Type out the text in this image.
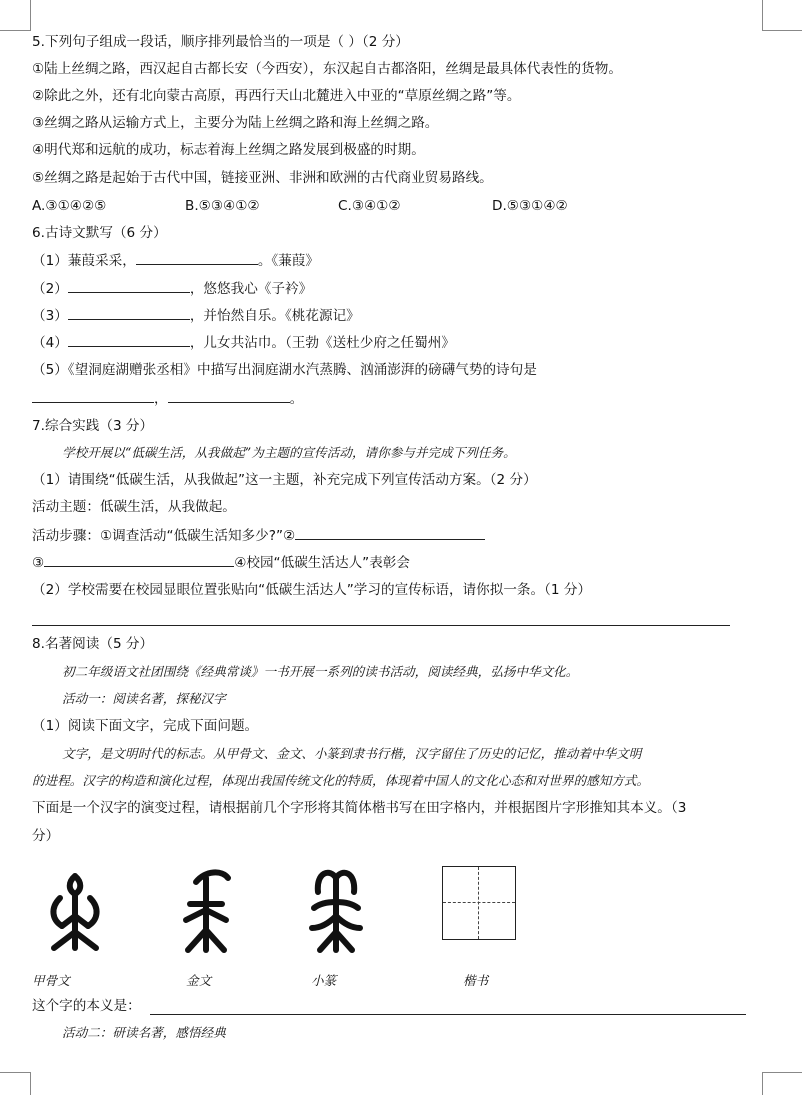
5.下列句子组成一段话，顺序排列最恰当的一项是（ ）（2 分）
①陆上丝绸之路，西汉起自古都长安（今西安），东汉起自古都洛阳，丝绸是最具体代表性的货物。
②除此之外，还有北向蒙古高原，再西行天山北麓进入中亚的“草原丝绸之路”等。
③丝绸之路从运输方式上，主要分为陆上丝绸之路和海上丝绸之路。
④明代郑和远航的成功，标志着海上丝绸之路发展到极盛的时期。
⑤丝绸之路是起始于古代中国，链接亚洲、非洲和欧洲的古代商业贸易路线。
A.③①④②⑤	B.⑤③④①②	C.③④①②	D.⑤③①④②
6.古诗文默写（6 分）
（1）蒹葭采采，	。《蒹葭》
（2）	，悠悠我心《子衿》
（3）	，并怡然自乐。《桃花源记》
（4）	，儿女共沾巾。（王勃《送杜少府之任蜀州》
（5）《望洞庭湖赠张丞相》中描写出洞庭湖水汽蒸腾、汹涌澎湃的磅礴气势的诗句是
，	。
7.综合实践（3 分）
学校开展以“低碳生活，从我做起”为主题的宣传活动，请你参与并完成下列任务。
（1）请围绕“低碳生活，从我做起”这一主题，补充完成下列宣传活动方案。（2 分）
活动主题：低碳生活，从我做起。
活动步骤：①调查活动“低碳生活知多少?”②
③	④校园“低碳生活达人”表彰会
（2）学校需要在校园显眼位置张贴向“低碳生活达人”学习的宣传标语，请你拟一条。（1 分）
8.名著阅读（5 分）
初二年级语文社团围绕《经典常谈》一书开展一系列的读书活动，阅读经典，弘扬中华文化。
活动一：阅读名著，探秘汉字
（1）阅读下面文字，完成下面问题。
文字，是文明时代的标志。从甲骨文、金文、小篆到隶书行楷，汉字留住了历史的记忆，推动着中华文明
的进程。汉字的构造和演化过程，体现出我国传统文化的特质，体现着中国人的文化心态和对世界的感知方式。
下面是一个汉字的演变过程，请根据前几个字形将其简体楷书写在田字格内，并根据图片字形推知其本义。（3
分）
甲骨文	金文	小篆	楷书
这个字的本义是：
活动二：研读名著，感悟经典
